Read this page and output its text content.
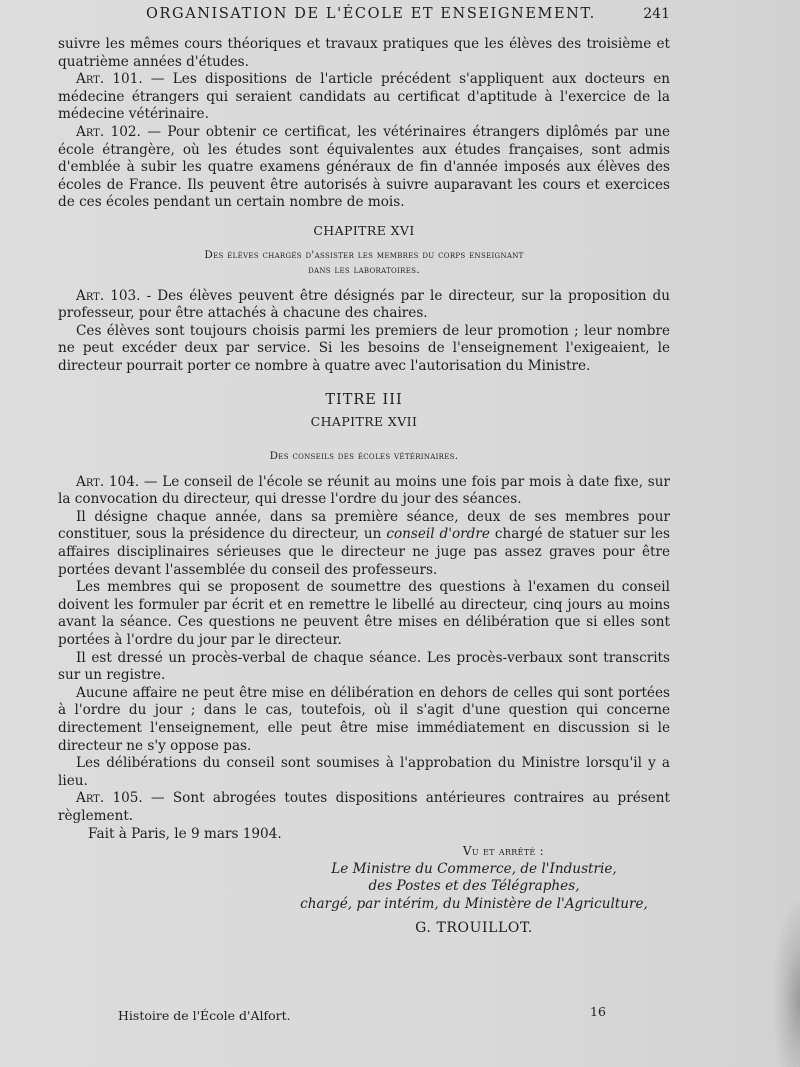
ORGANISATION DE L'ÉCOLE ET ENSEIGNEMENT.	241

suivre les mêmes cours théoriques et travaux pratiques que les élèves des troisième et quatrième années d'études.

Art. 101. — Les dispositions de l'article précédent s'appliquent aux docteurs en médecine étrangers qui seraient candidats au certificat d'aptitude à l'exercice de la médecine vétérinaire.

Art. 102. — Pour obtenir ce certificat, les vétérinaires étrangers diplômés par une école étrangère, où les études sont équivalentes aux études françaises, sont admis d'emblée à subir les quatre examens généraux de fin d'année imposés aux élèves des écoles de France. Ils peuvent être autorisés à suivre auparavant les cours et exercices de ces écoles pendant un certain nombre de mois.

CHAPITRE XVI
Des élèves chargés d'assister les membres du corps enseignant
dans les laboratoires.

Art. 103. - Des élèves peuvent être désignés par le directeur, sur la proposition du professeur, pour être attachés à chacune des chaires.

Ces élèves sont toujours choisis parmi les premiers de leur promotion ; leur nombre ne peut excéder deux par service. Si les besoins de l'enseignement l'exigeaient, le directeur pourrait porter ce nombre à quatre avec l'autorisation du Ministre.

TITRE III
CHAPITRE XVII
Des conseils des écoles vétérinaires.

Art. 104. — Le conseil de l'école se réunit au moins une fois par mois à date fixe, sur la convocation du directeur, qui dresse l'ordre du jour des séances.

Il désigne chaque année, dans sa première séance, deux de ses membres pour constituer, sous la présidence du directeur, un conseil d'ordre chargé de statuer sur les affaires disciplinaires sérieuses que le directeur ne juge pas assez graves pour être portées devant l'assemblée du conseil des professeurs.

Les membres qui se proposent de soumettre des questions à l'examen du conseil doivent les formuler par écrit et en remettre le libellé au directeur, cinq jours au moins avant la séance. Ces questions ne peuvent être mises en délibération que si elles sont portées à l'ordre du jour par le directeur.

Il est dressé un procès-verbal de chaque séance. Les procès-verbaux sont transcrits sur un registre.

Aucune affaire ne peut être mise en délibération en dehors de celles qui sont portées à l'ordre du jour ; dans le cas, toutefois, où il s'agit d'une question qui concerne directement l'enseignement, elle peut être mise immédiatement en discussion si le directeur ne s'y oppose pas.

Les délibérations du conseil sont soumises à l'approbation du Ministre lorsqu'il y a lieu.

Art. 105. — Sont abrogées toutes dispositions antérieures contraires au présent règlement.

Fait à Paris, le 9 mars 1904.

Vu et arrêté :

Le Ministre du Commerce, de l'Industrie,
des Postes et des Télégraphes,
chargé, par intérim, du Ministère de l'Agriculture,
G. TROUILLOT.
Histoire de l'École d'Alfort.	16
